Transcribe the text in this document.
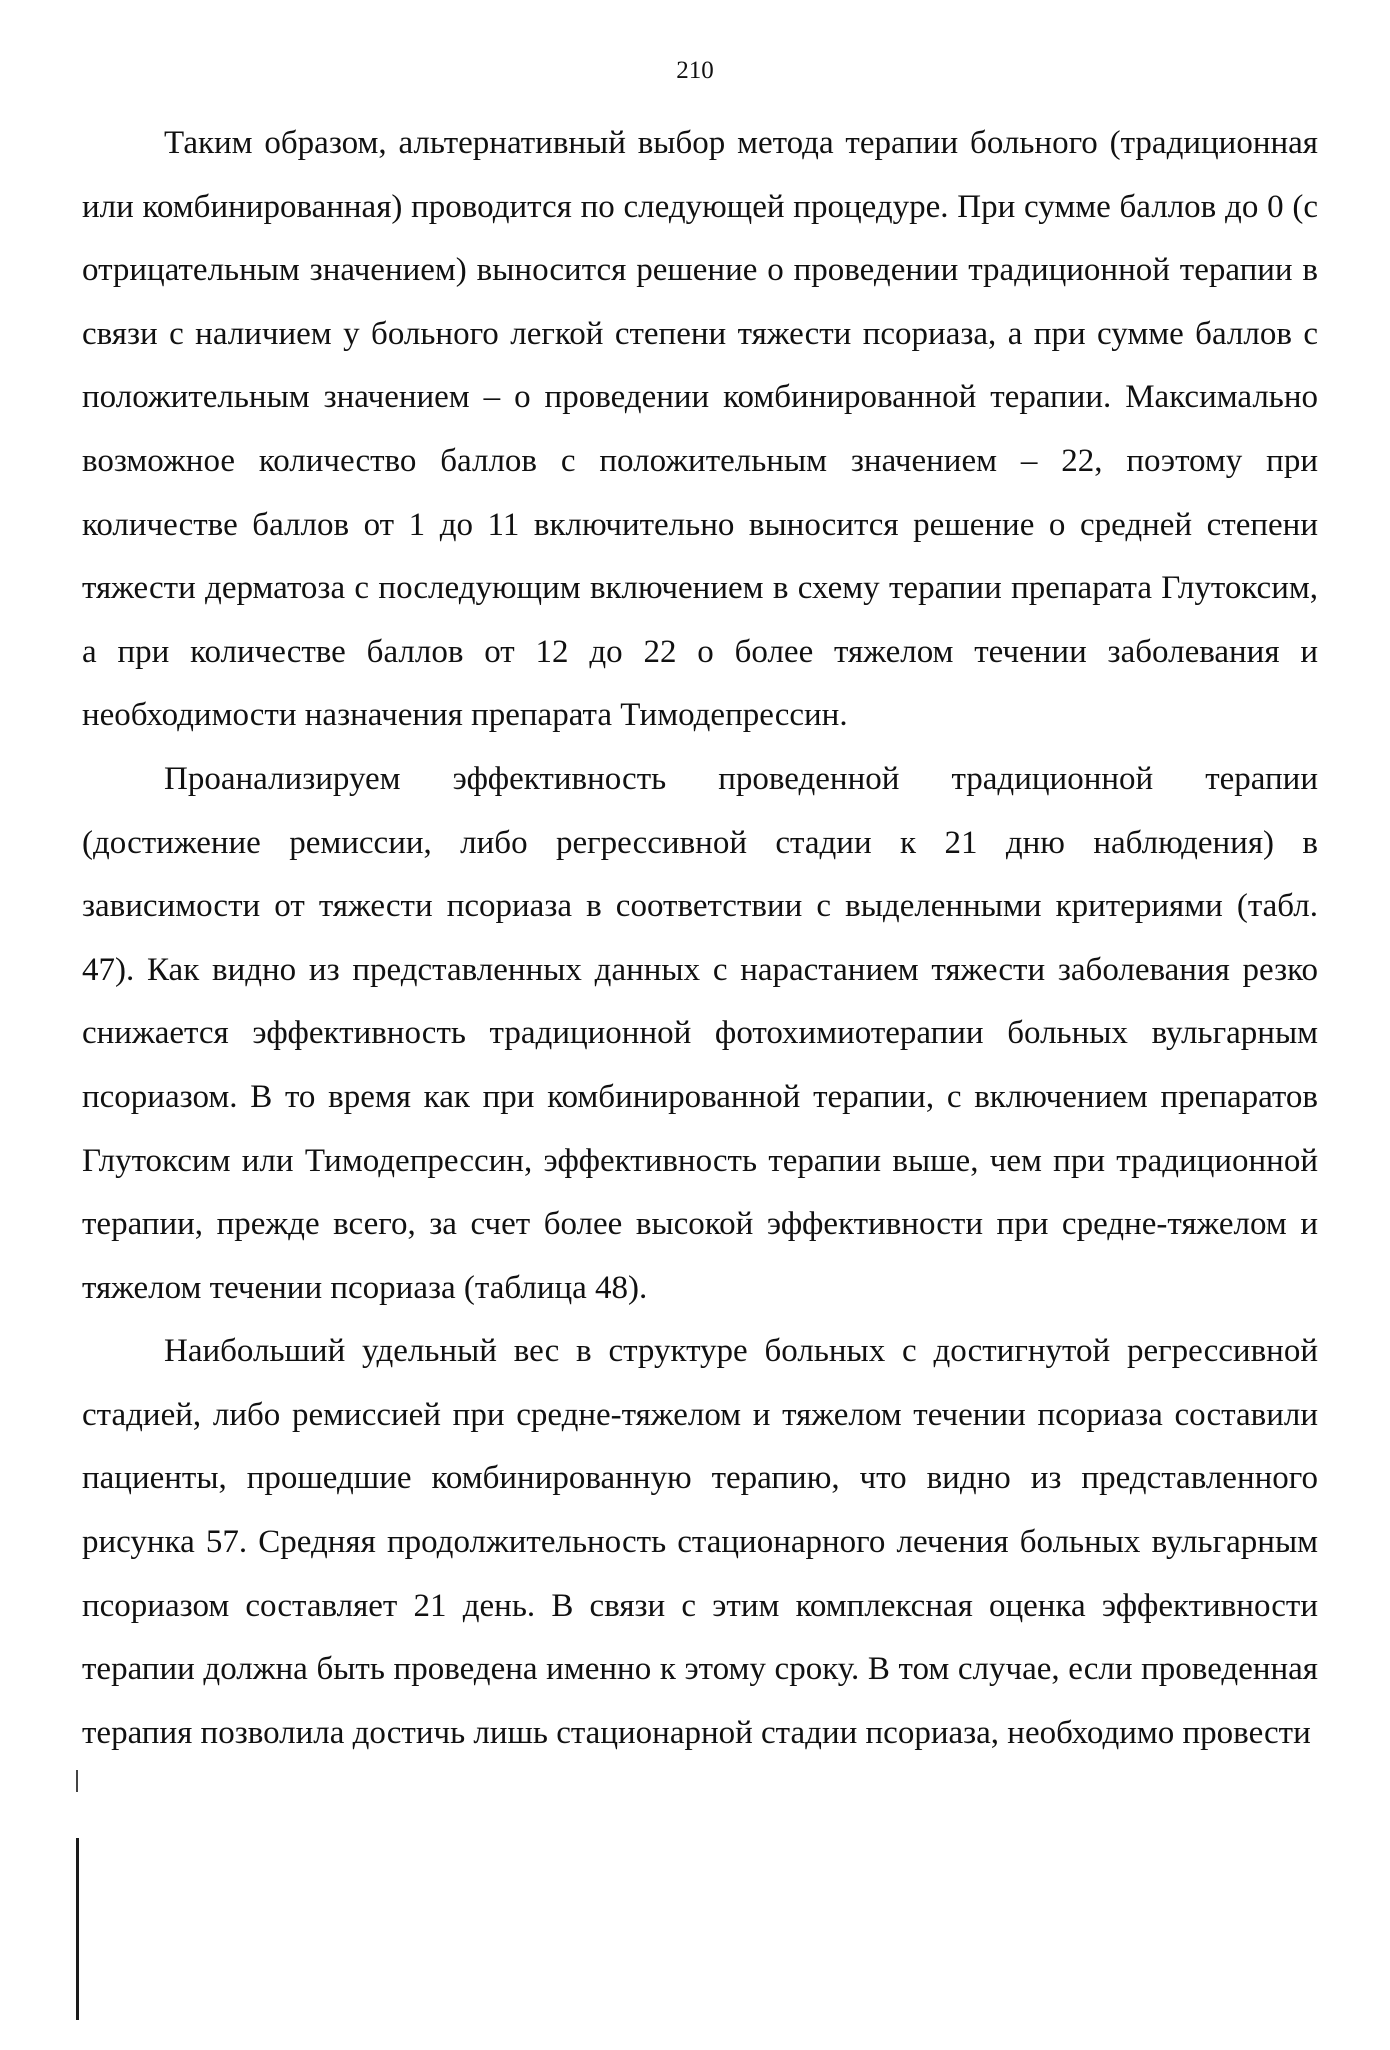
210

Таким образом, альтернативный выбор метода терапии больного (традиционная или комбинированная) проводится по следующей процедуре. При сумме баллов до 0 (с отрицательным значением) выносится решение о проведении традиционной терапии в связи с наличием у больного легкой степени тяжести псориаза, а при сумме баллов с положительным значением – о проведении комбинированной терапии. Максимально возможное количество баллов с положительным значением – 22, поэтому при количестве баллов от 1 до 11 включительно выносится решение о средней степени тяжести дерматоза с последующим включением в схему терапии препарата Глутоксим, а при количестве баллов от 12 до 22 о более тяжелом течении заболевания и необходимости назначения препарата Тимодепрессин.

Проанализируем эффективность проведенной традиционной терапии (достижение ремиссии, либо регрессивной стадии к 21 дню наблюдения) в зависимости от тяжести псориаза в соответствии с выделенными критериями (табл. 47). Как видно из представленных данных с нарастанием тяжести заболевания резко снижается эффективность традиционной фотохимиотерапии больных вульгарным псориазом. В то время как при комбинированной терапии, с включением препаратов Глутоксим или Тимодепрессин, эффективность терапии выше, чем при традиционной терапии, прежде всего, за счет более высокой эффективности при средне-тяжелом и тяжелом течении псориаза (таблица 48).

Наибольший удельный вес в структуре больных с достигнутой регрессивной стадией, либо ремиссией при средне-тяжелом и тяжелом течении псориаза составили пациенты, прошедшие комбинированную терапию, что видно из представленного рисунка 57. Средняя продолжительность стационарного лечения больных вульгарным псориазом составляет 21 день. В связи с этим комплексная оценка эффективности терапии должна быть проведена именно к этому сроку. В том случае, если проведенная терапия позволила достичь лишь стационарной стадии псориаза, необходимо провести
